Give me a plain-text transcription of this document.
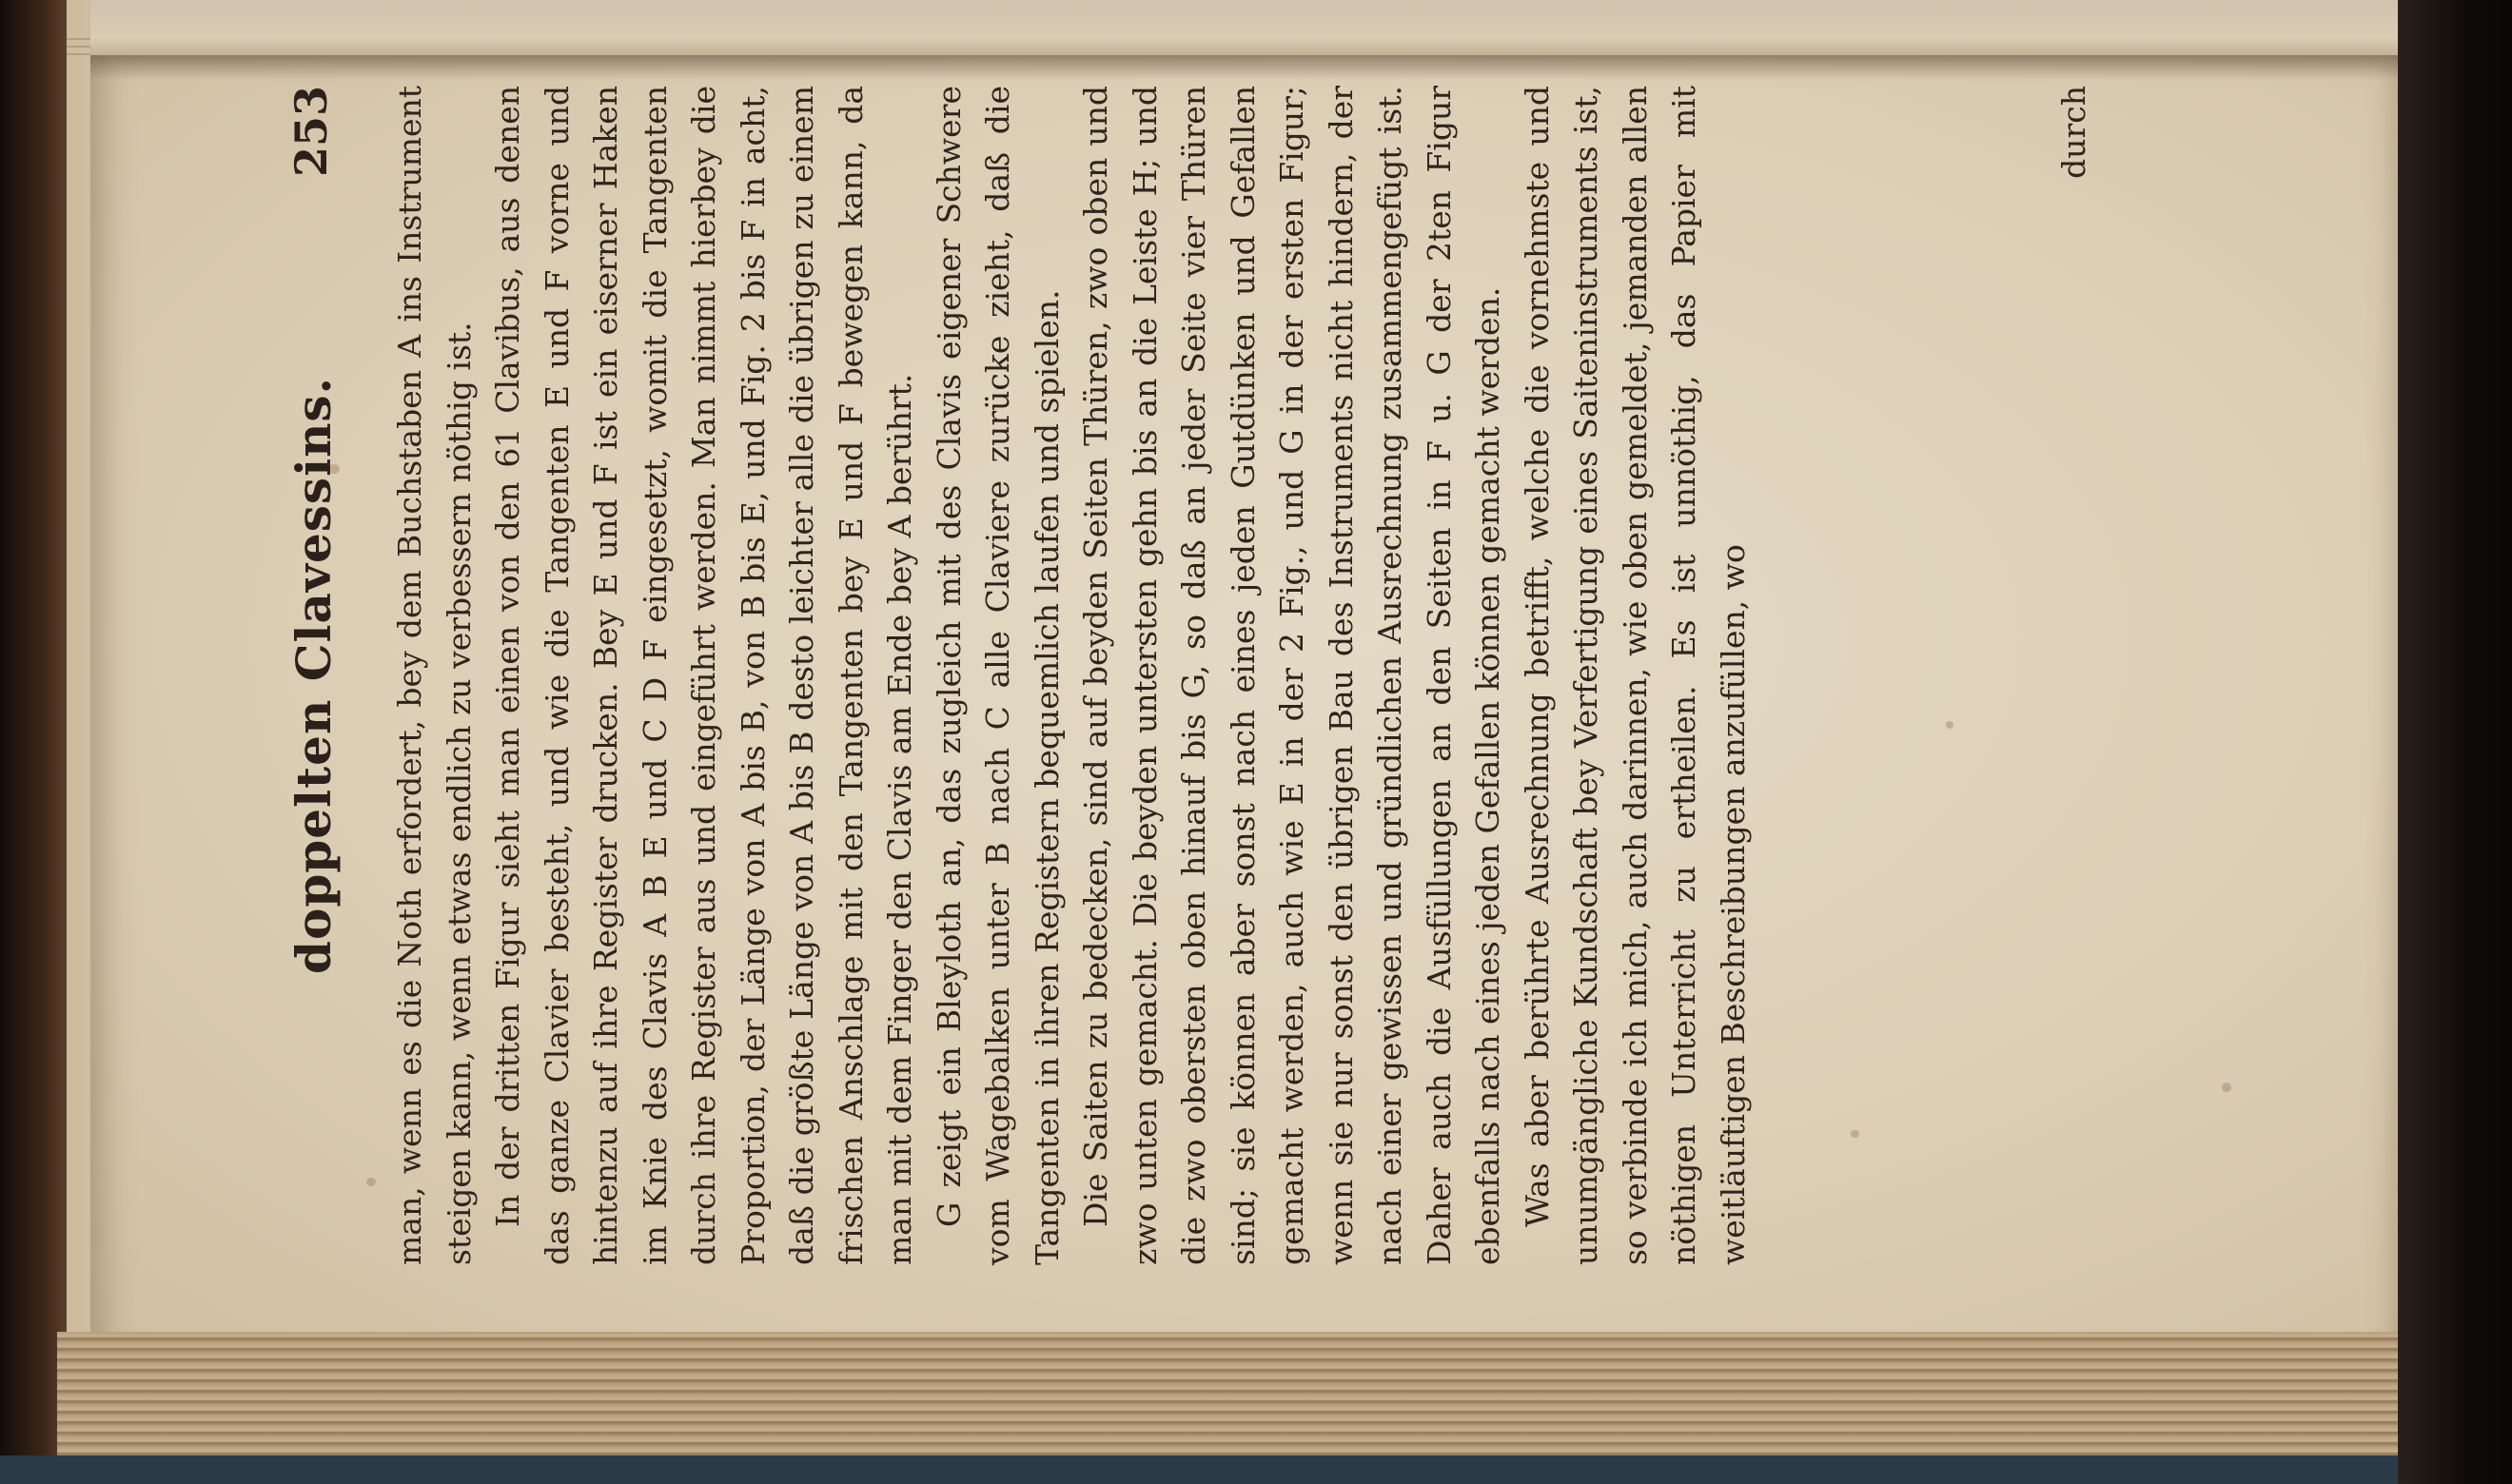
doppelten Clavessins.
253 man, wenn es die Noth erfordert, bey dem Buchstaben A ins Instrument steigen kann, wenn etwas endlich zu verbessern nöthig ist. In der dritten Figur sieht man einen von den 61 Clavibus, aus denen das ganze Clavier besteht, und wie die Tangenten E und F vorne und hintenzu auf ihre Register drucken. Bey E und F ist ein eiserner Haken im Knie des Clavis A B E und C D F eingesetzt, womit die Tangenten durch ihre Register aus und eingeführt werden. Man nimmt hierbey die Proportion, der Länge von A bis B, von B bis E, und Fig. 2 bis F in acht, daß die größte Länge von A bis B desto leichter alle die übrigen zu einem frischen Anschlage mit den Tangenten bey E und F bewegen kann, da man mit dem Finger den Clavis am Ende bey A berührt. G zeigt ein Bleyloth an, das zugleich mit des Clavis eigener Schwere vom Wagebalken unter B nach C alle Claviere zurücke zieht, daß die Tangenten in ihren Registern bequemlich laufen und spielen. Die Saiten zu bedecken, sind auf beyden Seiten Thüren, zwo oben und zwo unten gemacht. Die beyden untersten gehn bis an die Leiste H; und die zwo obersten oben hinauf bis G, so daß an jeder Seite vier Thüren sind; sie können aber sonst nach eines jeden Gutdünken und Gefallen gemacht werden, auch wie E in der 2 Fig., und G in der ersten Figur; wenn sie nur sonst den übrigen Bau des Instruments nicht hindern, der nach einer gewissen und gründlichen Ausrechnung zusammengefügt ist. Daher auch die Ausfüllungen an den Seiten in F u. G der 2ten Figur ebenfalls nach eines jeden Gefallen können gemacht werden. Was aber berührte Ausrechnung betrifft, welche die vornehmste und unumgängliche Kundschaft bey Verfertigung eines Saiteninstruments ist, so verbinde ich mich, auch darinnen, wie oben gemeldet, jemanden allen nöthigen Unterricht zu ertheilen. Es ist unnöthig, das Papier mit weitläuftigen Beschreibungen anzufüllen, wo

durch
